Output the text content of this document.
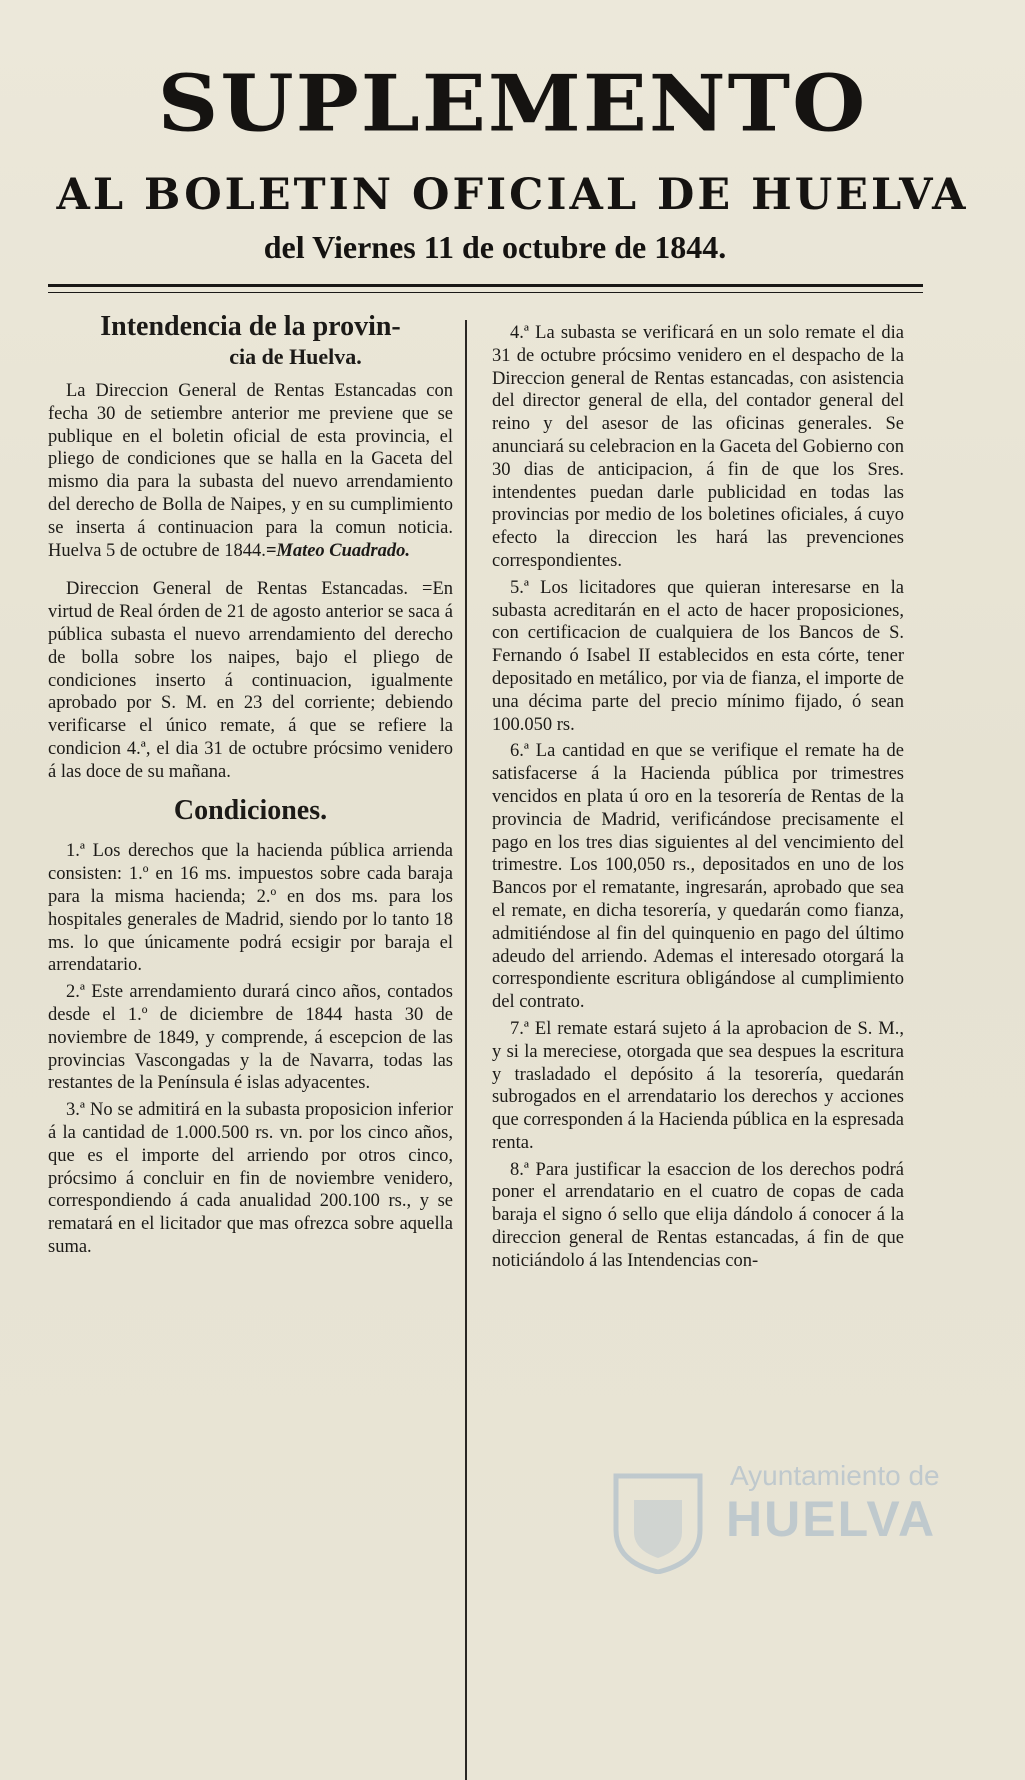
SUPLEMENTO
AL BOLETIN OFICIAL DE HUELVA
del Viernes 11 de octubre de 1844.
Intendencia de la provin-
cia de Huelva.

La Direccion General de Rentas Estancadas con fecha 30 de setiembre anterior me previene que se publique en el boletin oficial de esta provincia, el pliego de condiciones que se halla en la Gaceta del mismo dia para la subasta del nuevo arrendamiento del derecho de Bolla de Naipes, y en su cumplimiento se inserta á continuacion para la comun noticia. Huelva 5 de octubre de 1844.=Mateo Cuadrado.

Direccion General de Rentas Estancadas. =En virtud de Real órden de 21 de agosto anterior se saca á pública subasta el nuevo arrendamiento del derecho de bolla sobre los naipes, bajo el pliego de condiciones inserto á continuacion, igualmente aprobado por S. M. en 23 del corriente; debiendo verificarse el único remate, á que se refiere la condicion 4.ª, el dia 31 de octubre prócsimo venidero á las doce de su mañana.

Condiciones.

1.ª Los derechos que la hacienda pública arrienda consisten: 1.º en 16 ms. impuestos sobre cada baraja para la misma hacienda; 2.º en dos ms. para los hospitales generales de Madrid, siendo por lo tanto 18 ms. lo que únicamente podrá ecsigir por baraja el arrendatario.

2.ª Este arrendamiento durará cinco años, contados desde el 1.º de diciembre de 1844 hasta 30 de noviembre de 1849, y comprende, á escepcion de las provincias Vascongadas y la de Navarra, todas las restantes de la Península é islas adyacentes.

3.ª No se admitirá en la subasta proposicion inferior á la cantidad de 1.000.500 rs. vn. por los cinco años, que es el importe del arriendo por otros cinco, prócsimo á concluir en fin de noviembre venidero, correspondiendo á cada anualidad 200.100 rs., y se rematará en el licitador que mas ofrezca sobre aquella suma.

4.ª La subasta se verificará en un solo remate el dia 31 de octubre prócsimo venidero en el despacho de la Direccion general de Rentas estancadas, con asistencia del director general de ella, del contador general del reino y del asesor de las oficinas generales. Se anunciará su celebracion en la Gaceta del Gobierno con 30 dias de anticipacion, á fin de que los Sres. intendentes puedan darle publicidad en todas las provincias por medio de los boletines oficiales, á cuyo efecto la direccion les hará las prevenciones correspondientes.

5.ª Los licitadores que quieran interesarse en la subasta acreditarán en el acto de hacer proposiciones, con certificacion de cualquiera de los Bancos de S. Fernando ó Isabel II establecidos en esta córte, tener depositado en metálico, por via de fianza, el importe de una décima parte del precio mínimo fijado, ó sean 100.050 rs.

6.ª La cantidad en que se verifique el remate ha de satisfacerse á la Hacienda pública por trimestres vencidos en plata ú oro en la tesorería de Rentas de la provincia de Madrid, verificándose precisamente el pago en los tres dias siguientes al del vencimiento del trimestre. Los 100,050 rs., depositados en uno de los Bancos por el rematante, ingresarán, aprobado que sea el remate, en dicha tesorería, y quedarán como fianza, admitiéndose al fin del quinquenio en pago del último adeudo del arriendo. Ademas el interesado otorgará la correspondiente escritura obligándose al cumplimiento del contrato.

7.ª El remate estará sujeto á la aprobacion de S. M., y si la mereciese, otorgada que sea despues la escritura y trasladado el depósito á la tesorería, quedarán subrogados en el arrendatario los derechos y acciones que corresponden á la Hacienda pública en la espresada renta.

8.ª Para justificar la esaccion de los derechos podrá poner el arrendatario en el cuatro de copas de cada baraja el signo ó sello que elija dándolo á conocer á la direccion general de Rentas estancadas, á fin de que noticiándolo á las Intendencias con-

Ayuntamiento de
HUELVA
